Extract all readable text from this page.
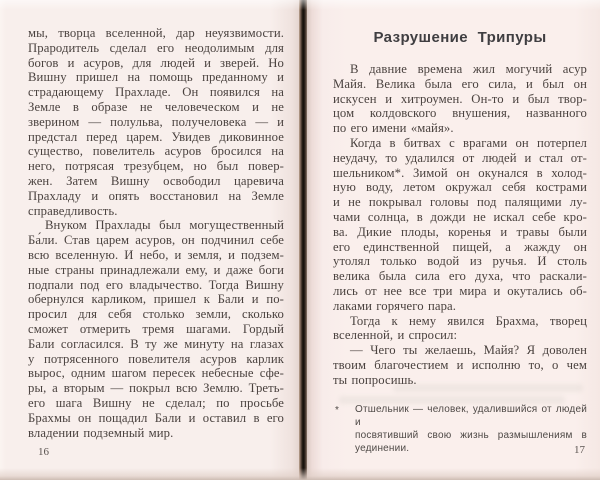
мы, творца вселенной, дар неуязвимости.
Прародитель сделал его неодолимым для
богов и асуров, для людей и зверей. Но
Вишну пришел на помощь преданному и
страдающему Прахладе. Он появился на
Земле в образе не человеческом и не
зверином — полульва, получеловека — и
предстал перед царем. Увидев диковинное
существо, повелитель асуров бросился на
него, потрясая трезубцем, но был повер-
жен. Затем Вишну освободил царевича
Прахладу и опять восстановил на Земле
справедливость.
Внуком Прахлады был могущественный
Ба́ли. Став царем асуров, он подчинил себе
всю вселенную. И небо, и земля, и подзем-
ные страны принадлежали ему, и даже боги
подпали под его владычество. Тогда Вишну
обернулся карликом, пришел к Бали и по-
просил для себя столько земли, сколько
сможет отмерить тремя шагами. Гордый
Бали согласился. В ту же минуту на глазах
у потрясенного повелителя асуров карлик
вырос, одним шагом пересек небесные сфе-
ры, а вторым — покрыл всю Землю. Треть-
его шага Вишну не сделал; по просьбе
Брахмы он пощадил Бали и оставил в его
владении подземный мир.
16
Разрушение Трипуры
В давние времена жил могучий асур
Майя. Велика была его сила, и был он
искусен и хитроумен. Он-то и был твор-
цом колдовского внушения, названного
по его имени «майя».
Когда в битвах с врагами он потерпел
неудачу, то удалился от людей и стал от-
шельником*. Зимой он окунался в холод-
ную воду, летом окружал себя кострами
и не покрывал головы под палящими лу-
чами солнца, в дожди не искал себе кро-
ва. Дикие плоды, коренья и травы были
его единственной пищей, а жажду он
утолял только водой из ручья. И столь
велика была сила его духа, что раскали-
лись от нее все три мира и окутались об-
лаками горячего пара.
Тогда к нему явился Брахма, творец
вселенной, и спросил:
— Чего ты желаешь, Майя? Я доволен
твоим благочестием и исполню то, о чем
ты попросишь.
* Отшельник — человек, удалившийся от людей и
посвятивший свою жизнь размышлениям в
уединении.	17
